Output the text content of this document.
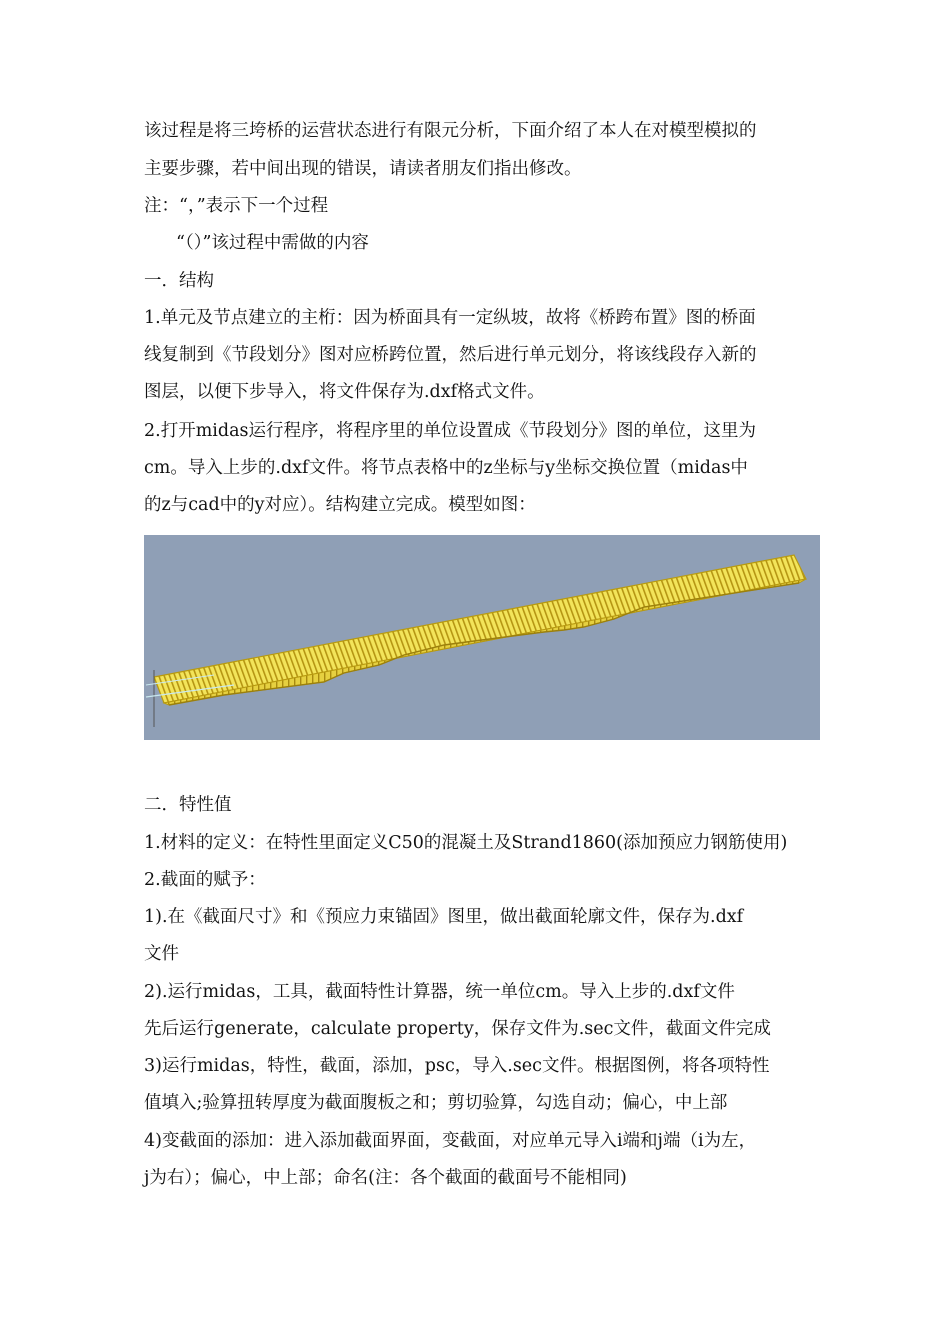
该过程是将三垮桥的运营状态进行有限元分析，下面介绍了本人在对模型模拟的
主要步骤，若中间出现的错误，请读者朋友们指出修改。
注：“，”表示下一个过程
“（）”该过程中需做的内容
一．结构
1.单元及节点建立的主桁：因为桥面具有一定纵坡，故将《桥跨布置》图的桥面
线复制到《节段划分》图对应桥跨位置，然后进行单元划分，将该线段存入新的
图层，以便下步导入，将文件保存为.dxf格式文件。
2.打开midas运行程序，将程序里的单位设置成《节段划分》图的单位，这里为
cm。导入上步的.dxf文件。将节点表格中的z坐标与y坐标交换位置（midas中
的z与cad中的y对应）。结构建立完成。模型如图：
二．特性值
1.材料的定义：在特性里面定义C50的混凝土及Strand1860(添加预应力钢筋使用)
2.截面的赋予：
1).在《截面尺寸》和《预应力束锚固》图里，做出截面轮廓文件，保存为.dxf
文件
2).运行midas，工具，截面特性计算器，统一单位cm。导入上步的.dxf文件
先后运行generate，calculate property，保存文件为.sec文件，截面文件完成
3)运行midas，特性，截面，添加，psc，导入.sec文件。根据图例，将各项特性
值填入;验算扭转厚度为截面腹板之和；剪切验算，勾选自动；偏心，中上部
4)变截面的添加：进入添加截面界面，变截面，对应单元导入i端和j端（i为左，
j为右）；偏心，中上部；命名(注：各个截面的截面号不能相同)
